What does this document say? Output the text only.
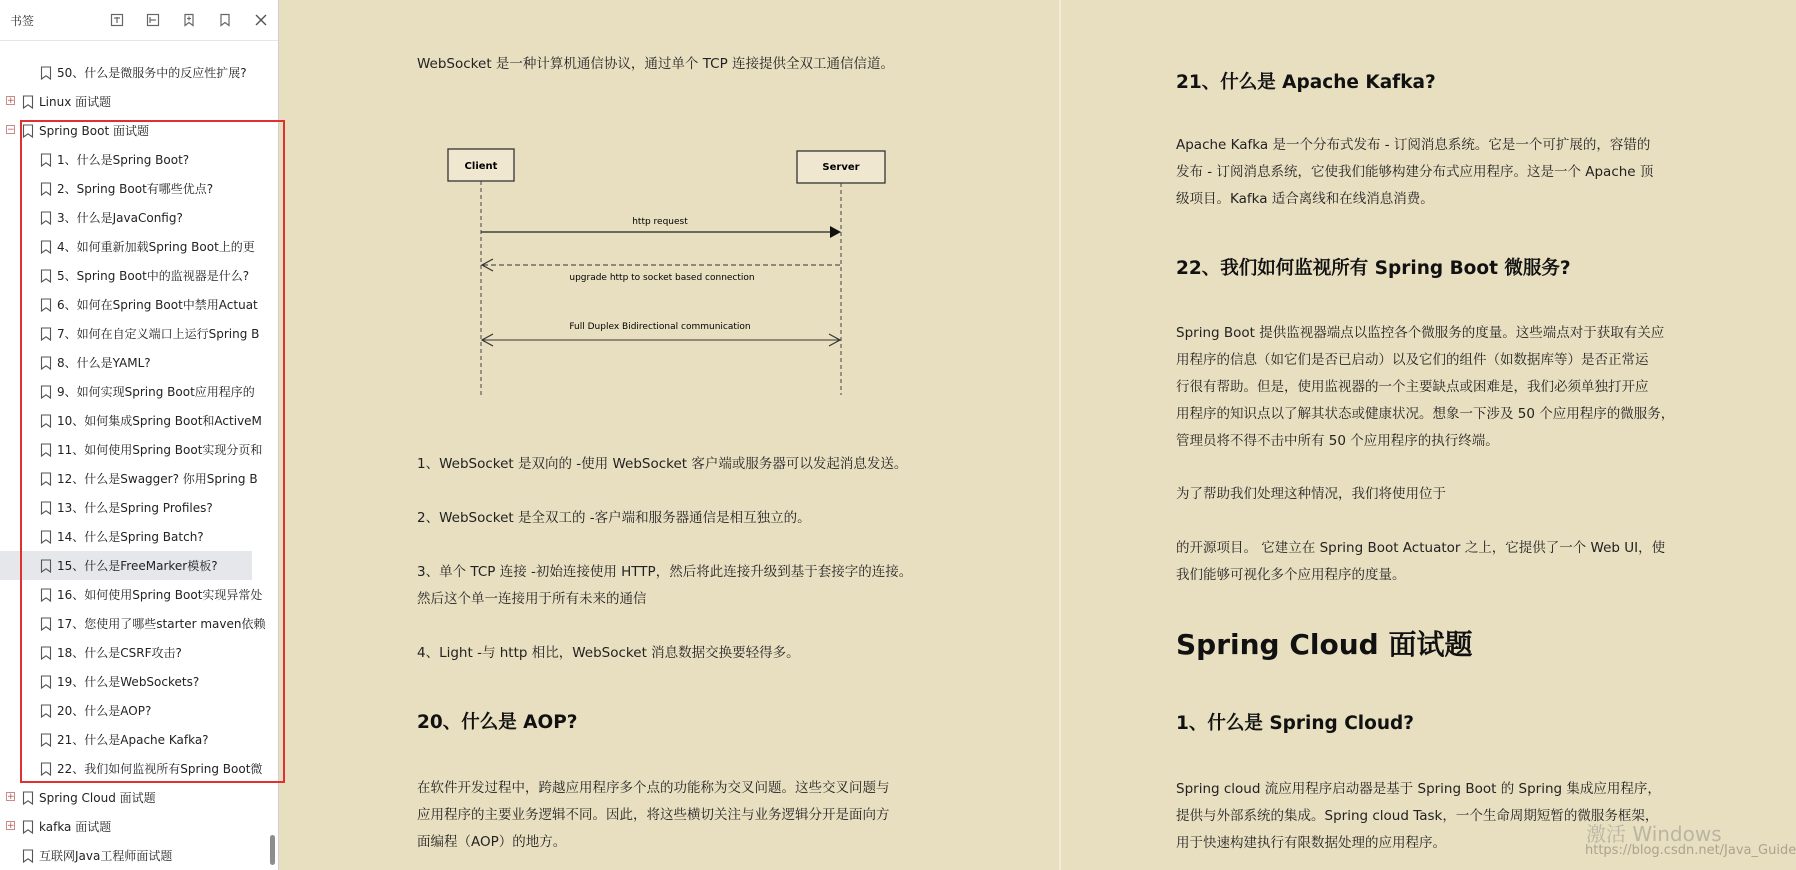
书签
50、什么是微服务中的反应性扩展?
+ Linux 面试题
− Spring Boot 面试题
1、什么是Spring Boot?
2、Spring Boot有哪些优点?
3、什么是JavaConfig?
4、如何重新加载Spring Boot上的更
5、Spring Boot中的监视器是什么?
6、如何在Spring Boot中禁用Actuat
7、如何在自定义端口上运行Spring B
8、什么是YAML?
9、如何实现Spring Boot应用程序的
10、如何集成Spring Boot和ActiveM
11、如何使用Spring Boot实现分页和
12、什么是Swagger? 你用Spring B
13、什么是Spring Profiles?
14、什么是Spring Batch?
15、什么是FreeMarker模板?
16、如何使用Spring Boot实现异常处
17、您使用了哪些starter maven依赖
18、什么是CSRF攻击?
19、什么是WebSockets?
20、什么是AOP?
21、什么是Apache Kafka?
22、我们如何监视所有Spring Boot微
+ Spring Cloud 面试题
+ kafka 面试题
互联网Java工程师面试题
WebSocket 是一种计算机通信协议，通过单个 TCP 连接提供全双工通信信道。
Client	Server
http request
upgrade http to socket based connection
Full Duplex Bidirectional communication
1、WebSocket 是双向的 -使用 WebSocket 客户端或服务器可以发起消息发送。
2、WebSocket 是全双工的 -客户端和服务器通信是相互独立的。
3、单个 TCP 连接 -初始连接使用 HTTP，然后将此连接升级到基于套接字的连接。
然后这个单一连接用于所有未来的通信
4、Light -与 http 相比，WebSocket 消息数据交换要轻得多。
20、什么是 AOP?
在软件开发过程中，跨越应用程序多个点的功能称为交叉问题。这些交叉问题与
应用程序的主要业务逻辑不同。因此，将这些横切关注与业务逻辑分开是面向方
面编程（AOP）的地方。
21、什么是 Apache Kafka?
Apache Kafka 是一个分布式发布 - 订阅消息系统。它是一个可扩展的，容错的
发布 - 订阅消息系统，它使我们能够构建分布式应用程序。这是一个 Apache 顶
级项目。Kafka 适合离线和在线消息消费。
22、我们如何监视所有 Spring Boot 微服务?
Spring Boot 提供监视器端点以监控各个微服务的度量。这些端点对于获取有关应
用程序的信息（如它们是否已启动）以及它们的组件（如数据库等）是否正常运
行很有帮助。但是，使用监视器的一个主要缺点或困难是，我们必须单独打开应
用程序的知识点以了解其状态或健康状况。想象一下涉及 50 个应用程序的微服务，
管理员将不得不击中所有 50 个应用程序的执行终端。
为了帮助我们处理这种情况，我们将使用位于
的开源项目。 它建立在 Spring Boot Actuator 之上，它提供了一个 Web UI，使
我们能够可视化多个应用程序的度量。
Spring Cloud 面试题
1、什么是 Spring Cloud?
Spring cloud 流应用程序启动器是基于 Spring Boot 的 Spring 集成应用程序，
提供与外部系统的集成。Spring cloud Task，一个生命周期短暂的微服务框架，
用于快速构建执行有限数据处理的应用程序。	激活 Windows
https://blog.csdn.net/Java_Guide
